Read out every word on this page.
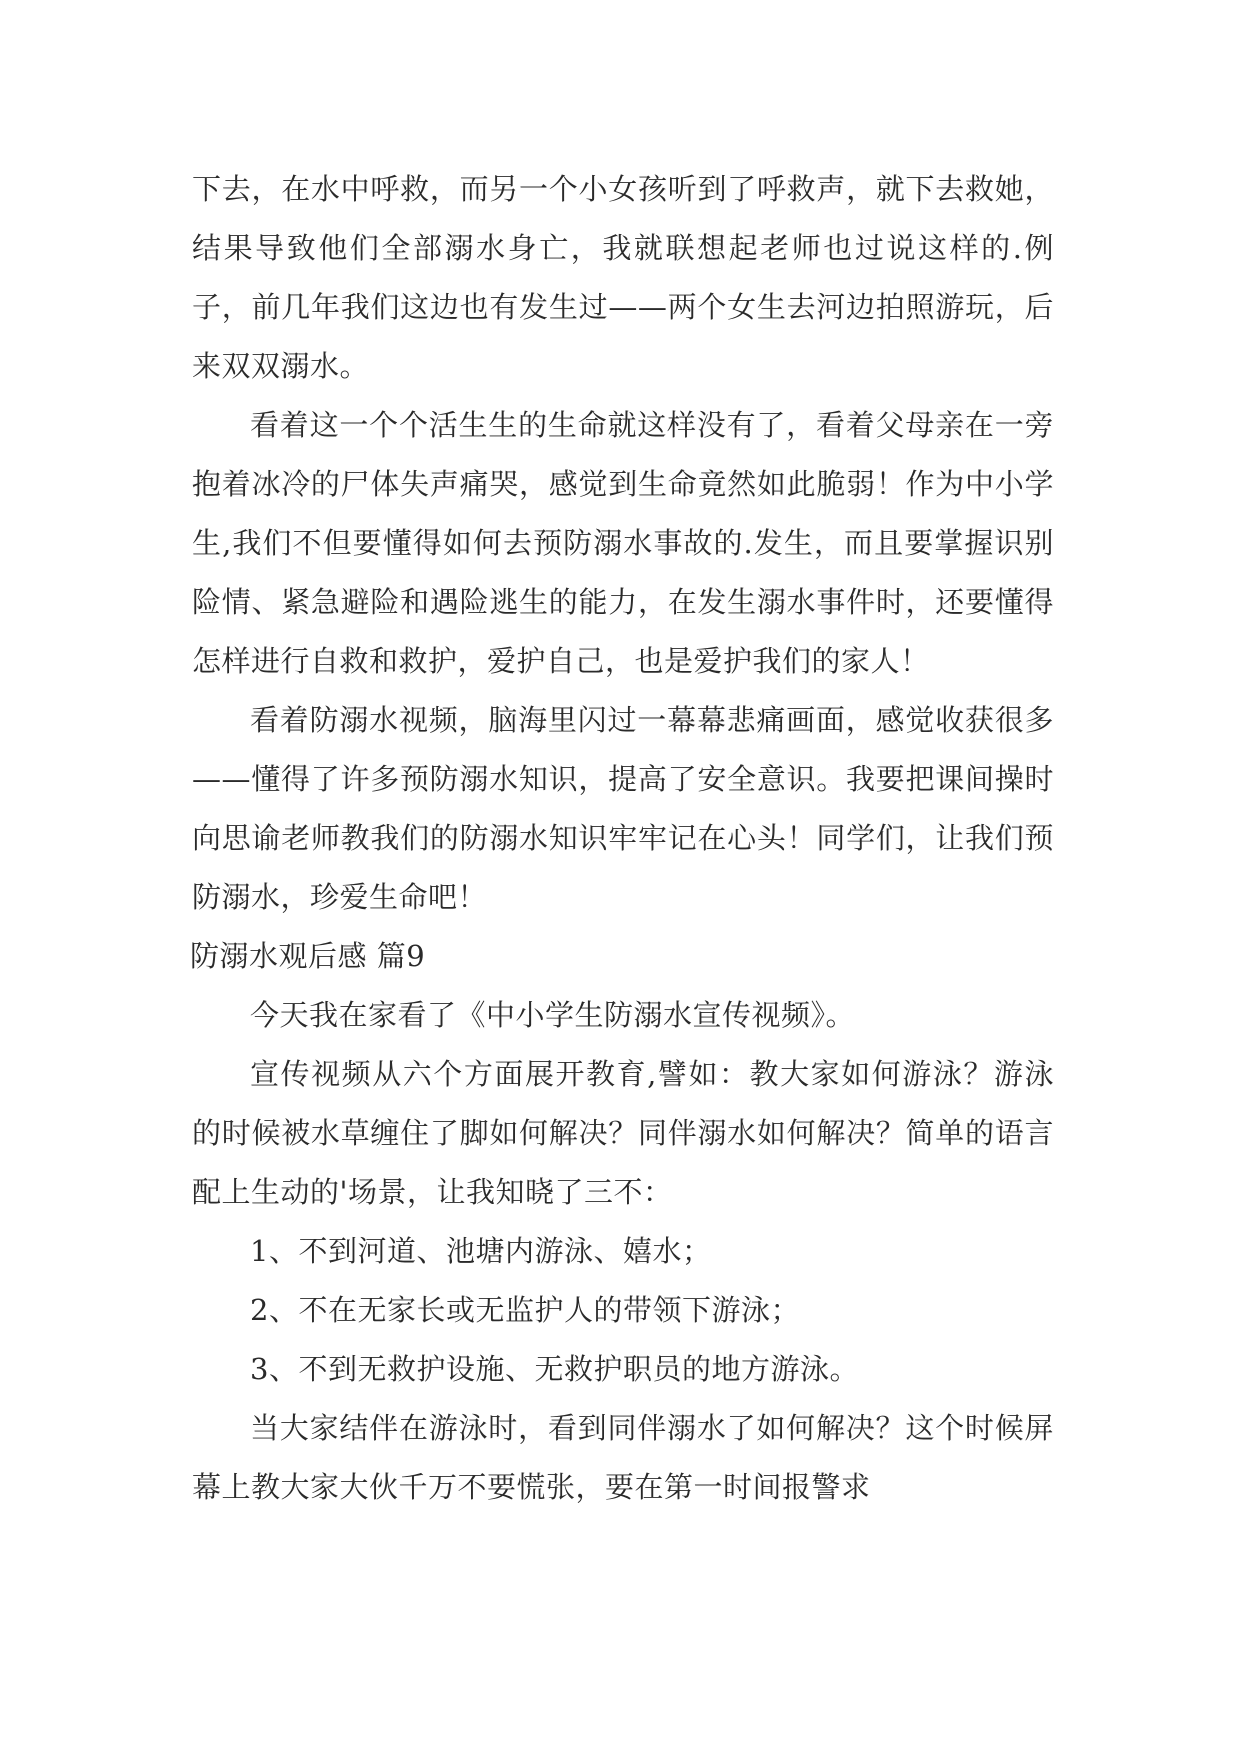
下去，在水中呼救，而另一个小女孩听到了呼救声，就下去救她，结果导致他们全部溺水身亡，我就联想起老师也过说这样的.例子，前几年我们这边也有发生过——两个女生去河边拍照游玩，后来双双溺水。

看着这一个个活生生的生命就这样没有了，看着父母亲在一旁抱着冰冷的尸体失声痛哭，感觉到生命竟然如此脆弱！作为中小学生,我们不但要懂得如何去预防溺水事故的.发生，而且要掌握识别险情、紧急避险和遇险逃生的能力，在发生溺水事件时，还要懂得怎样进行自救和救护，爱护自己，也是爱护我们的家人！

看着防溺水视频，脑海里闪过一幕幕悲痛画面，感觉收获很多——懂得了许多预防溺水知识，提高了安全意识。我要把课间操时向思谕老师教我们的防溺水知识牢牢记在心头！同学们，让我们预防溺水，珍爱生命吧！

防溺水观后感 篇9

今天我在家看了《中小学生防溺水宣传视频》。

宣传视频从六个方面展开教育,譬如：教大家如何游泳？游泳的时候被水草缠住了脚如何解决？同伴溺水如何解决？简单的语言配上生动的'场景，让我知晓了三不：

1、不到河道、池塘内游泳、嬉水；

2、不在无家长或无监护人的带领下游泳；

3、不到无救护设施、无救护职员的地方游泳。

当大家结伴在游泳时，看到同伴溺水了如何解决？这个时候屏幕上教大家大伙千万不要慌张，要在第一时间报警求
